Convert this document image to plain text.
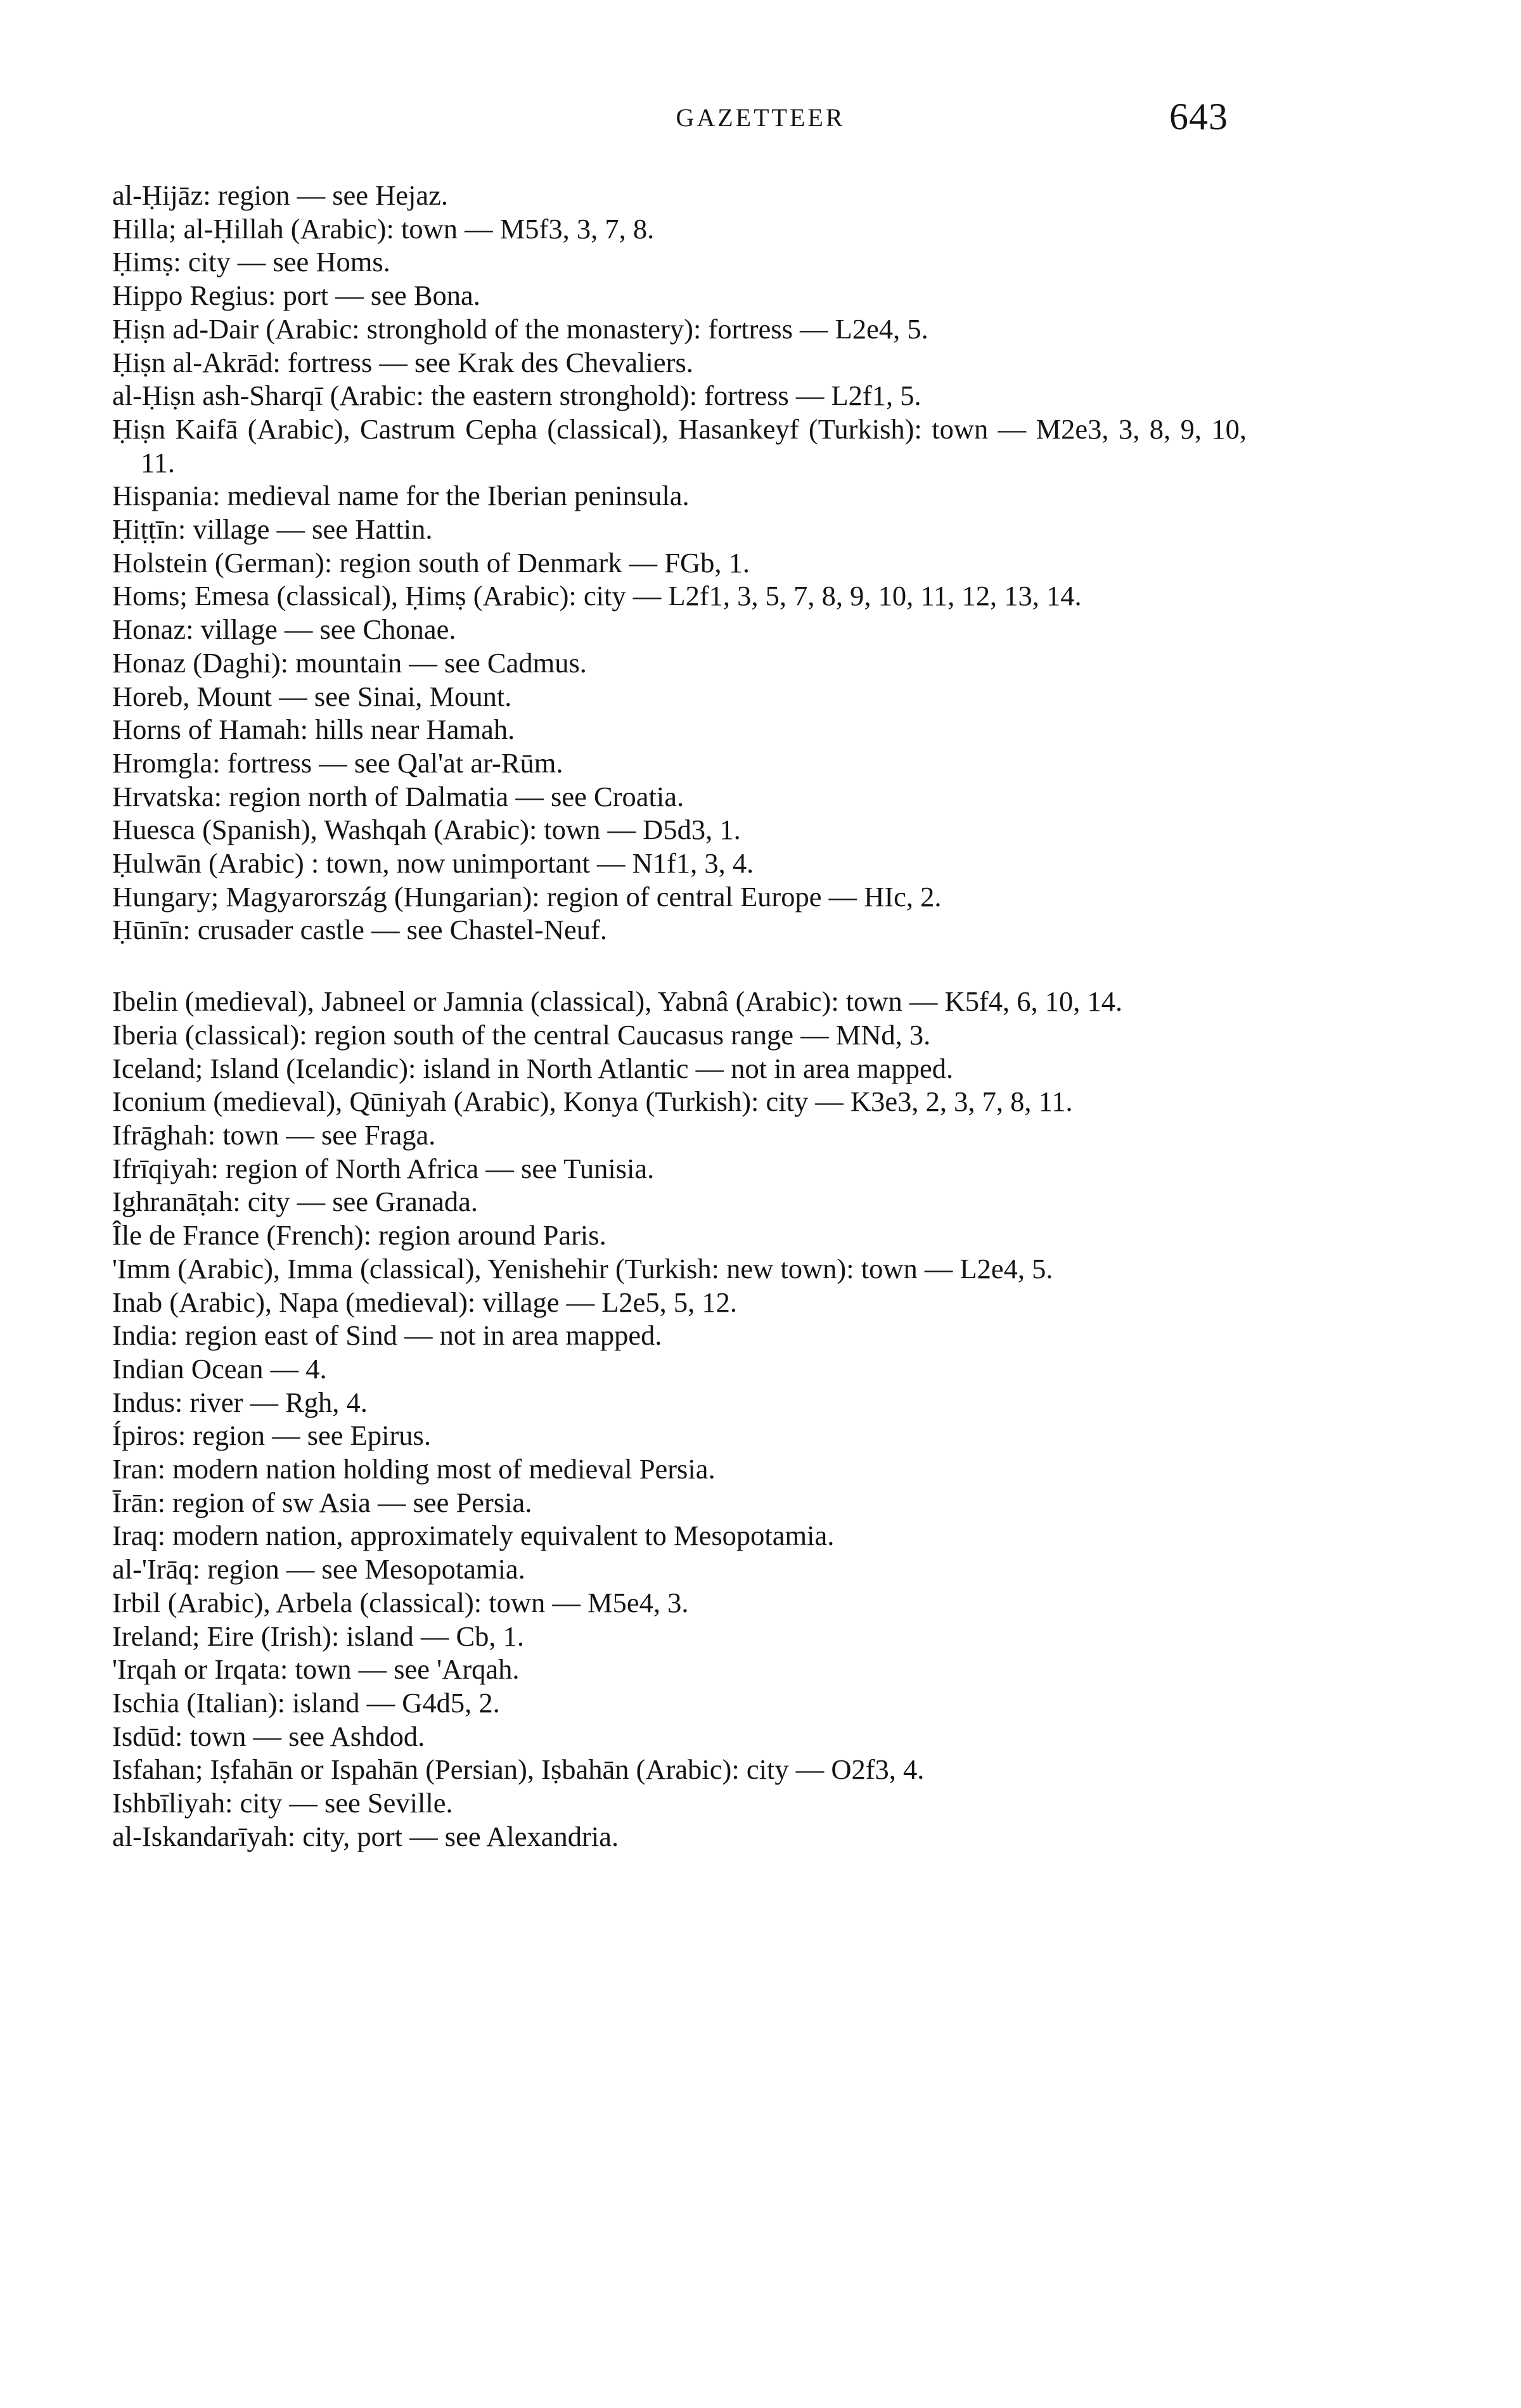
GAZETTEER	643
al-Ḥijāz: region — see Hejaz.
Hilla; al-Ḥillah (Arabic): town — M5f3, 3, 7, 8.
Ḥimṣ: city — see Homs.
Hippo Regius: port — see Bona.
Ḥiṣn ad-Dair (Arabic: stronghold of the monastery): fortress — L2e4, 5.
Ḥiṣn al-Akrād: fortress — see Krak des Chevaliers.
al-Ḥiṣn ash-Sharqī (Arabic: the eastern stronghold): fortress — L2f1, 5.
Ḥiṣn Kaifā (Arabic), Castrum Cepha (classical), Hasankeyf (Turkish): town — M2e3, 3, 8, 9, 10, 11.
Hispania: medieval name for the Iberian peninsula.
Ḥiṭṭīn: village — see Hattin.
Holstein (German): region south of Denmark — FGb, 1.
Homs; Emesa (classical), Ḥimṣ (Arabic): city — L2f1, 3, 5, 7, 8, 9, 10, 11, 12, 13, 14.
Honaz: village — see Chonae.
Honaz (Daghi): mountain — see Cadmus.
Horeb, Mount — see Sinai, Mount.
Horns of Hamah: hills near Hamah.
Hromgla: fortress — see Qal'at ar-Rūm.
Hrvatska: region north of Dalmatia — see Croatia.
Huesca (Spanish), Washqah (Arabic): town — D5d3, 1.
Ḥulwān (Arabic) : town, now unimportant — N1f1, 3, 4.
Hungary; Magyarország (Hungarian): region of central Europe — HIc, 2.
Ḥūnīn: crusader castle — see Chastel-Neuf.
Ibelin (medieval), Jabneel or Jamnia (classical), Yabnâ (Arabic): town — K5f4, 6, 10, 14.
Iberia (classical): region south of the central Caucasus range — MNd, 3.
Iceland; Island (Icelandic): island in North Atlantic — not in area mapped.
Iconium (medieval), Qūniyah (Arabic), Konya (Turkish): city — K3e3, 2, 3, 7, 8, 11.
Ifrāghah: town — see Fraga.
Ifrīqiyah: region of North Africa — see Tunisia.
Ighranāṭah: city — see Granada.
Île de France (French): region around Paris.
'Imm (Arabic), Imma (classical), Yenishehir (Turkish: new town): town — L2e4, 5.
Inab (Arabic), Napa (medieval): village — L2e5, 5, 12.
India: region east of Sind — not in area mapped.
Indian Ocean — 4.
Indus: river — Rgh, 4.
Ípiros: region — see Epirus.
Iran: modern nation holding most of medieval Persia.
Īrān: region of sw Asia — see Persia.
Iraq: modern nation, approximately equivalent to Mesopotamia.
al-'Irāq: region — see Mesopotamia.
Irbil (Arabic), Arbela (classical): town — M5e4, 3.
Ireland; Eire (Irish): island — Cb, 1.
'Irqah or Irqata: town — see 'Arqah.
Ischia (Italian): island — G4d5, 2.
Isdūd: town — see Ashdod.
Isfahan; Iṣfahān or Ispahān (Persian), Iṣbahān (Arabic): city — O2f3, 4.
Ishbīliyah: city — see Seville.
al-Iskandarīyah: city, port — see Alexandria.
